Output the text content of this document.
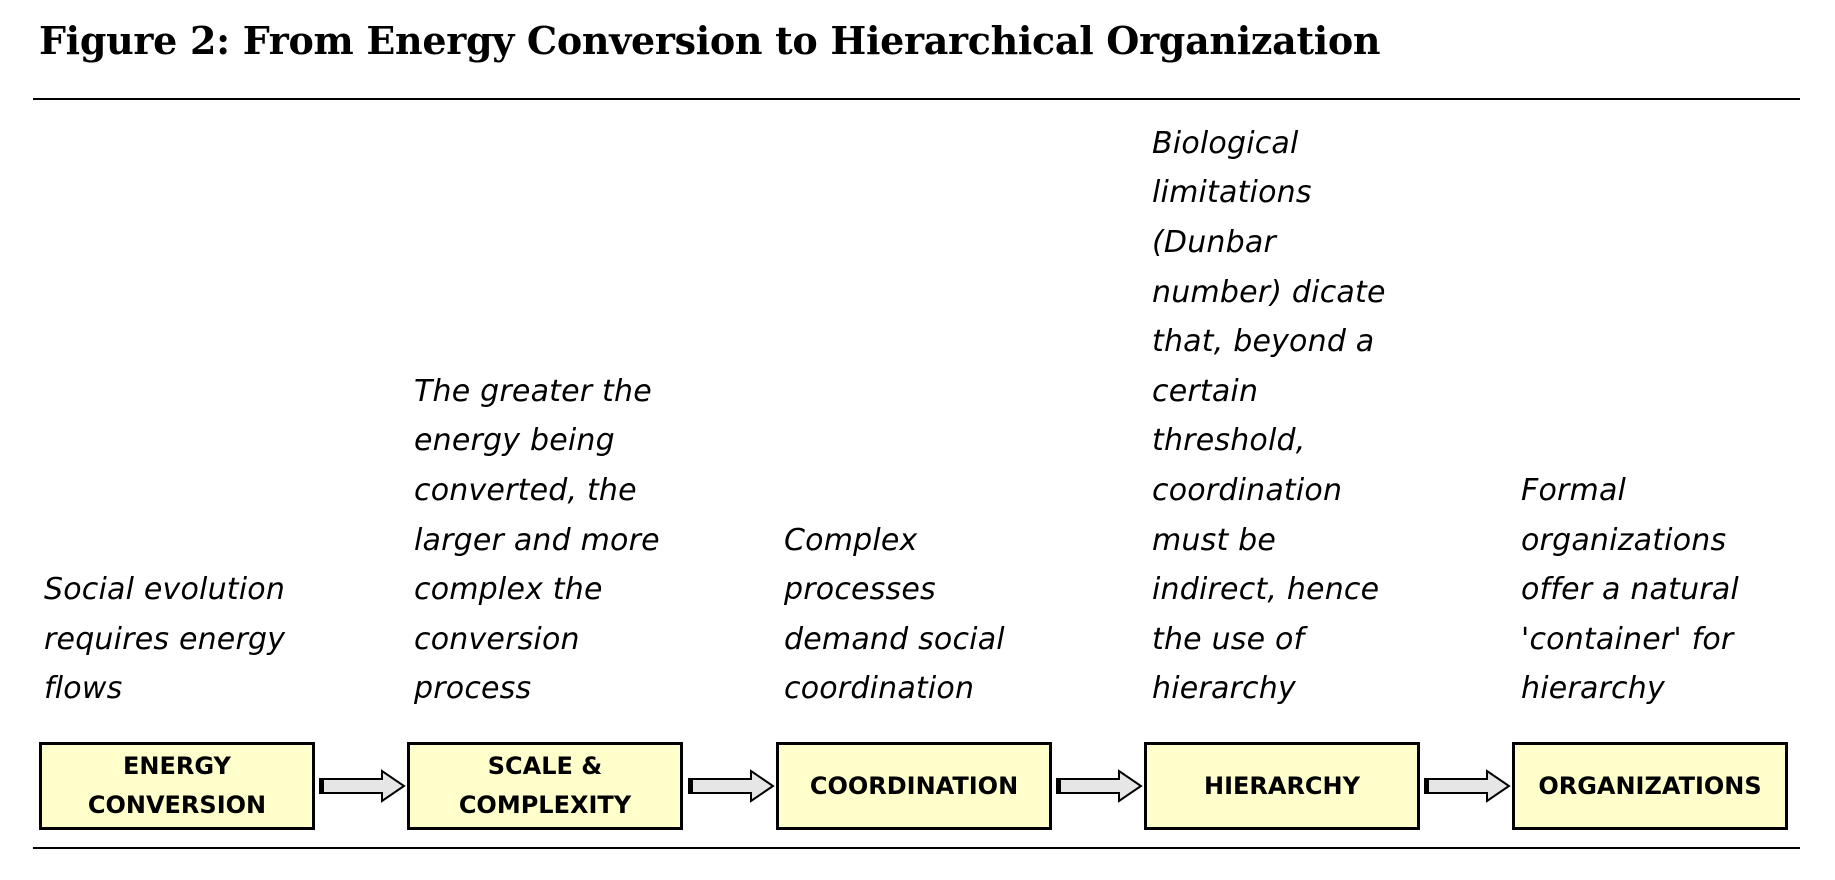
Figure 2: From Energy Conversion to Hierarchical Organization
Social evolution
requires energy
flows
ENERGY
CONVERSION
The greater the
energy being
converted, the
larger and more
complex the
conversion
process
SCALE &
COMPLEXITY
Complex
processes
demand social
coordination
COORDINATION
Biological
limitations
(Dunbar
number) dicate
that, beyond a
certain
threshold,
coordination
must be
indirect, hence
the use of
hierarchy
HIERARCHY
Formal
organizations
offer a natural
'container' for
hierarchy
ORGANIZATIONS
